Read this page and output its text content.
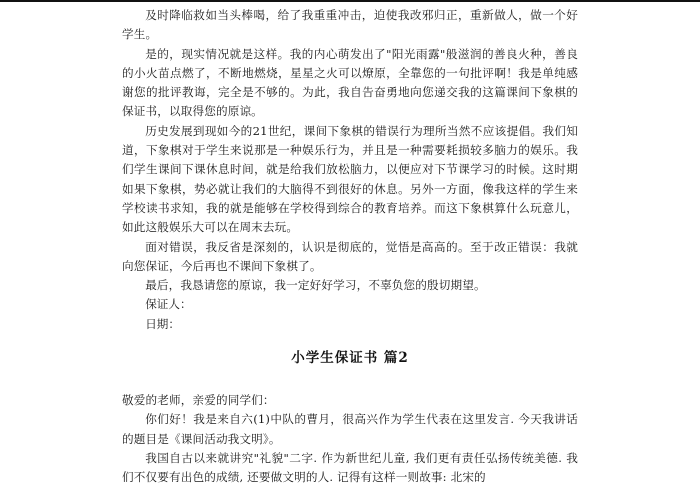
及时降临救如当头棒喝，给了我重重冲击，迫使我改邪归正，重新做人，做一个好学生。

是的，现实情况就是这样。我的内心萌发出了"阳光雨露"般滋润的善良火种，善良的小火苗点燃了，不断地燃烧，星星之火可以燎原，全靠您的一句批评啊！我是单纯感谢您的批评教诲，完全是不够的。为此，我自告奋勇地向您递交我的这篇课间下象棋的保证书，以取得您的原谅。

历史发展到现如今的21世纪，课间下象棋的错误行为理所当然不应该提倡。我们知道，下象棋对于学生来说那是一种娱乐行为，并且是一种需要耗损较多脑力的娱乐。我们学生课间下课休息时间，就是给我们放松脑力，以便应对下节课学习的时候。这时期如果下象棋，势必就让我们的大脑得不到很好的休息。另外一方面，像我这样的学生来学校读书求知，我的就是能够在学校得到综合的教育培养。而这下象棋算什么玩意儿，如此这般娱乐大可以在周末去玩。

面对错误，我反省是深刻的，认识是彻底的，觉悟是高高的。至于改正错误：我就向您保证，今后再也不课间下象棋了。

最后，我恳请您的原谅，我一定好好学习，不辜负您的殷切期望。

保证人：

日期：

小学生保证书 篇2

敬爱的老师，亲爱的同学们：

你们好！我是来自六(1)中队的曹月，很高兴作为学生代表在这里发言. 今天我讲话的题目是《课间活动我文明》。

我国自古以来就讲究"礼貌"二字. 作为新世纪儿童, 我们更有责任弘扬传统美德. 我们不仅要有出色的成绩, 还要做文明的人. 记得有这样一则故事: 北宋的
